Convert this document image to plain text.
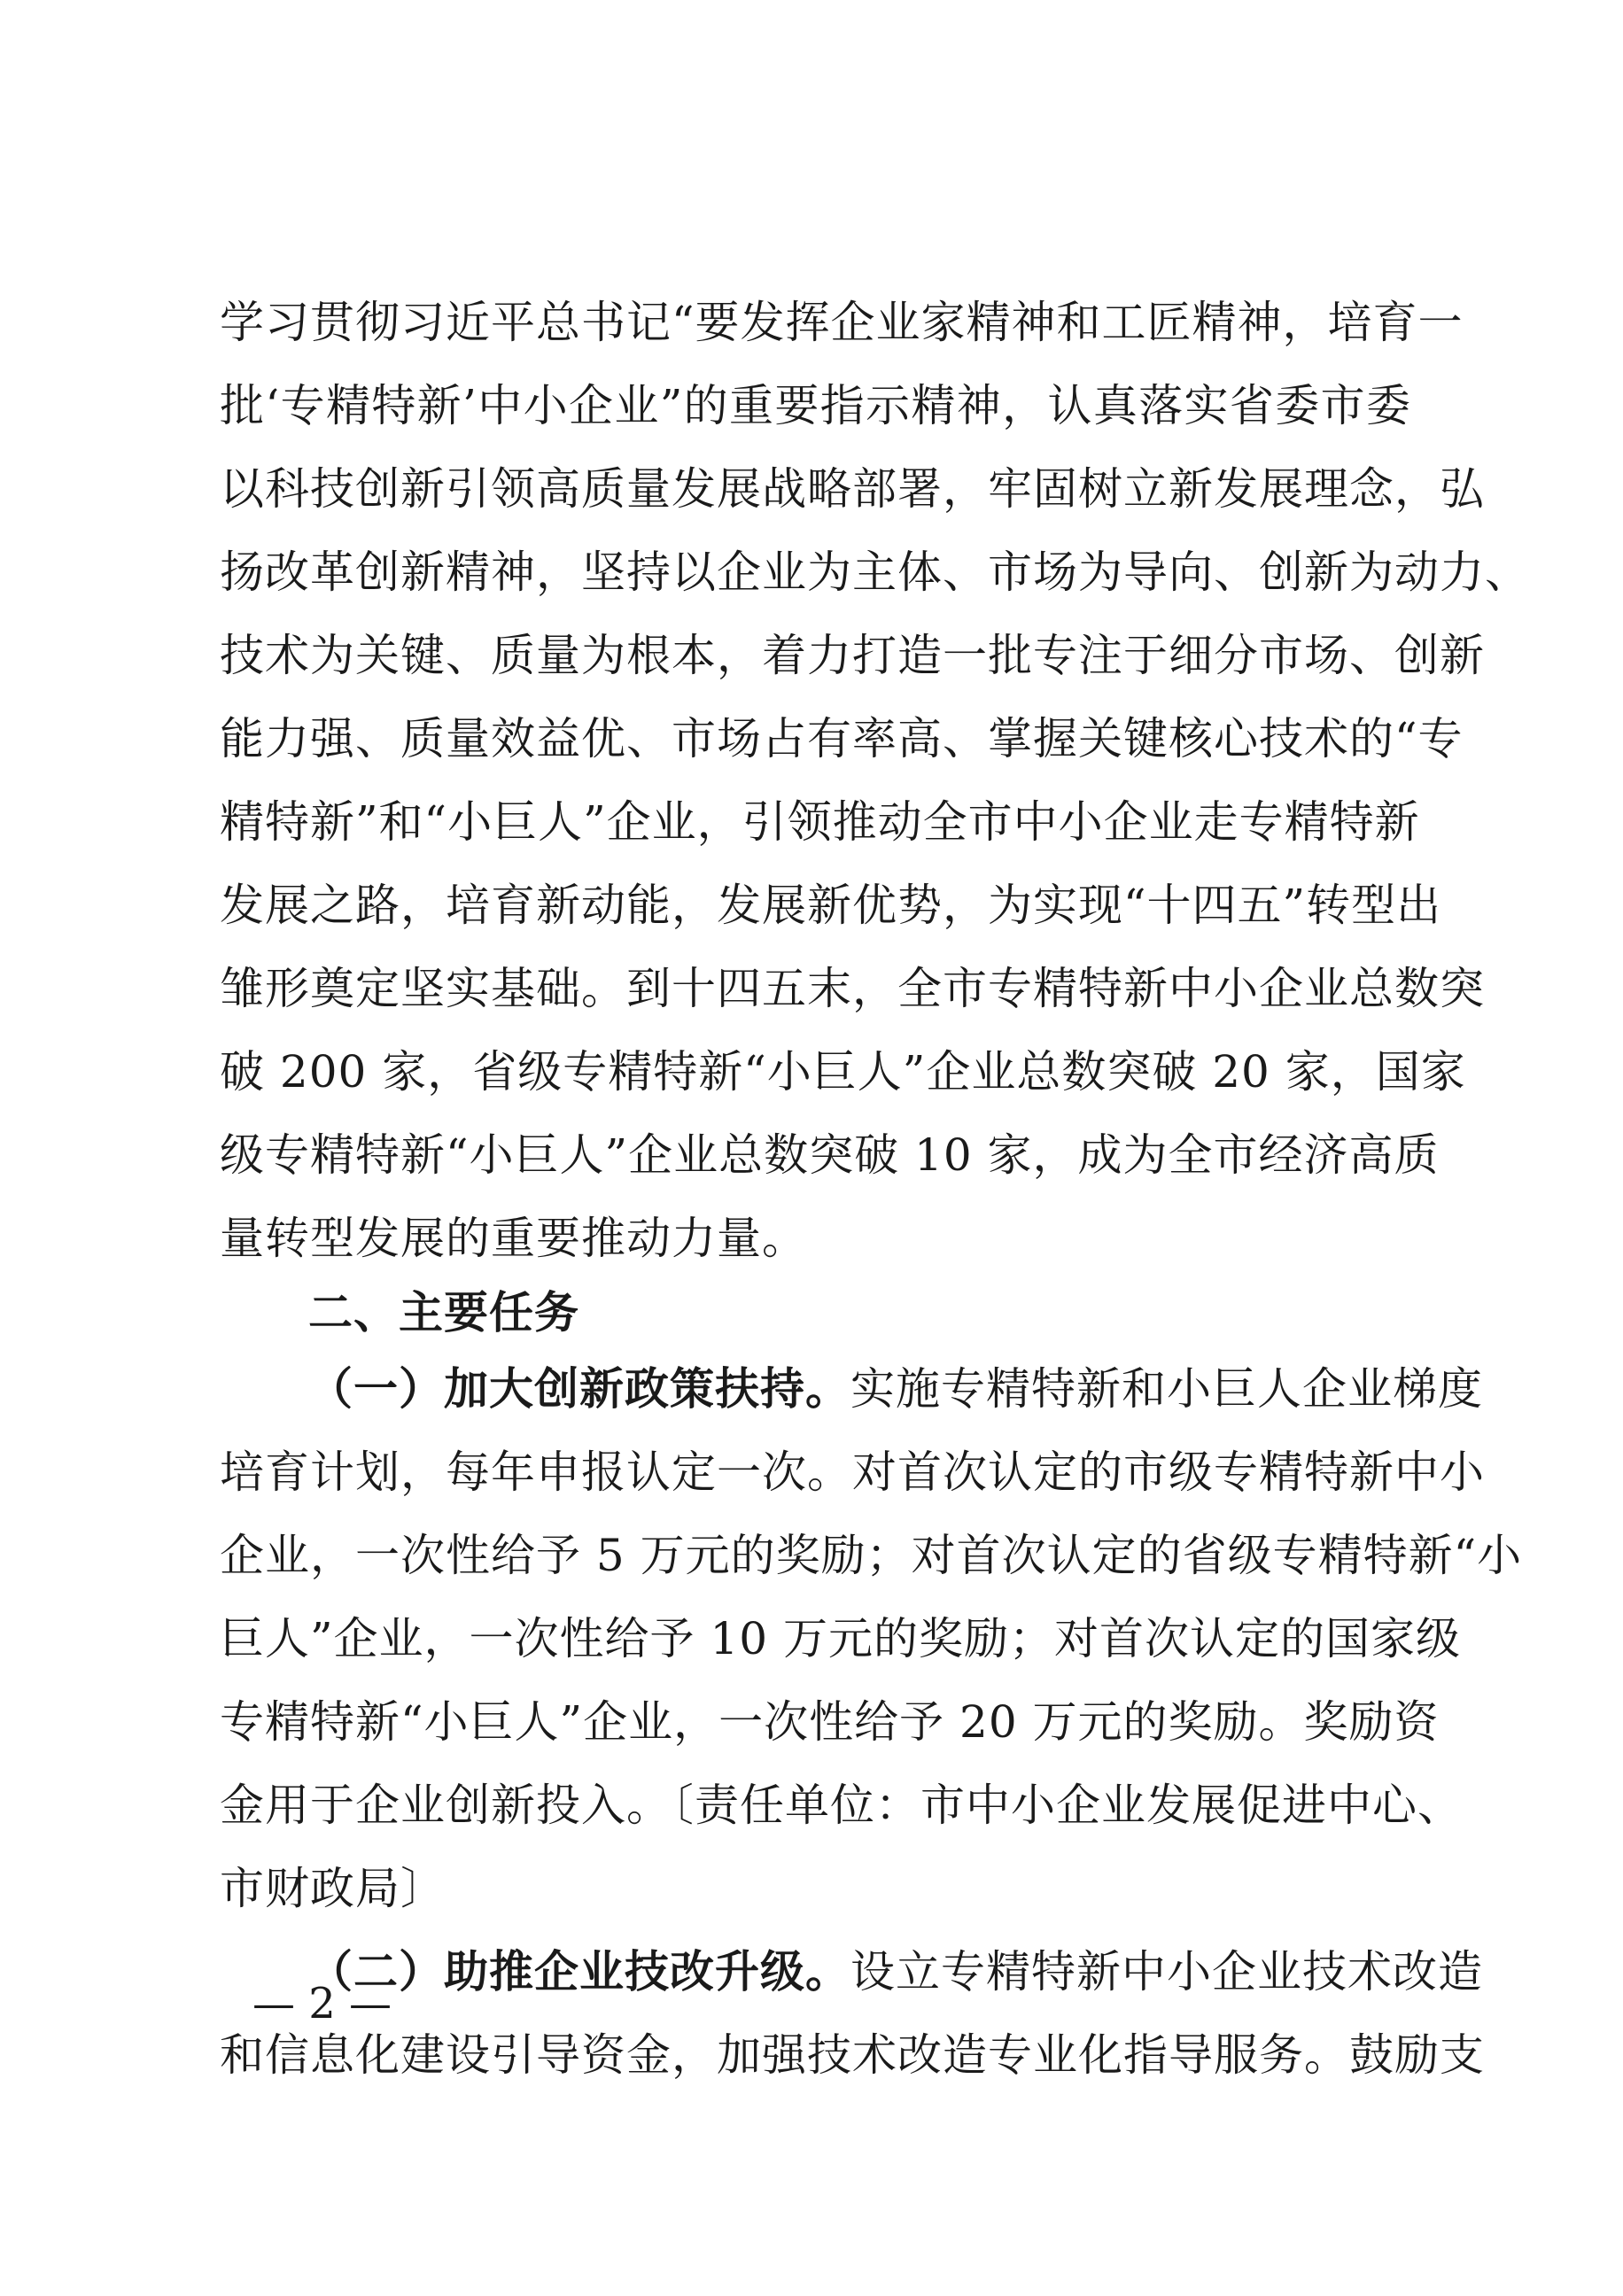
学习贯彻习近平总书记“要发挥企业家精神和工匠精神，培育一
批‘专精特新’中小企业”的重要指示精神，认真落实省委市委
以科技创新引领高质量发展战略部署，牢固树立新发展理念，弘
扬改革创新精神，坚持以企业为主体、市场为导向、创新为动力、
技术为关键、质量为根本，着力打造一批专注于细分市场、创新
能力强、质量效益优、市场占有率高、掌握关键核心技术的“专
精特新”和“小巨人”企业，引领推动全市中小企业走专精特新
发展之路，培育新动能，发展新优势，为实现“十四五”转型出
雏形奠定坚实基础。到十四五末，全市专精特新中小企业总数突
破 200 家，省级专精特新“小巨人”企业总数突破 20 家，国家
级专精特新“小巨人”企业总数突破 10 家，成为全市经济高质
量转型发展的重要推动力量。
二、主要任务
（一）加大创新政策扶持。实施专精特新和小巨人企业梯度
培育计划，每年申报认定一次。对首次认定的市级专精特新中小
企业，一次性给予 5 万元的奖励；对首次认定的省级专精特新“小
巨人”企业，一次性给予 10 万元的奖励；对首次认定的国家级
专精特新“小巨人”企业，一次性给予 20 万元的奖励。奖励资
金用于企业创新投入。〔责任单位：市中小企业发展促进中心、
市财政局〕
（二）助推企业技改升级。设立专精特新中小企业技术改造
和信息化建设引导资金，加强技术改造专业化指导服务。鼓励支
— 2 —
